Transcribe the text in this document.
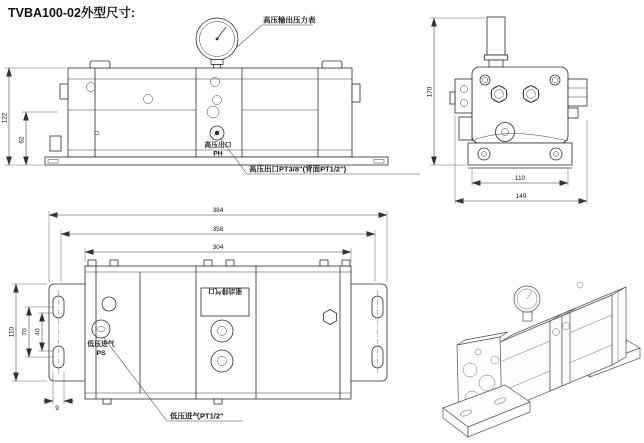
TVBA100-02外型尺寸:	高压输出压力表
高压出口
PH
高压出口PT3/8"(背面PT1/2")
122
62
170
110
149
384
358
304
低压进气
PS
驱动排气口
110 70 40
9
低压进气PT1/2"
